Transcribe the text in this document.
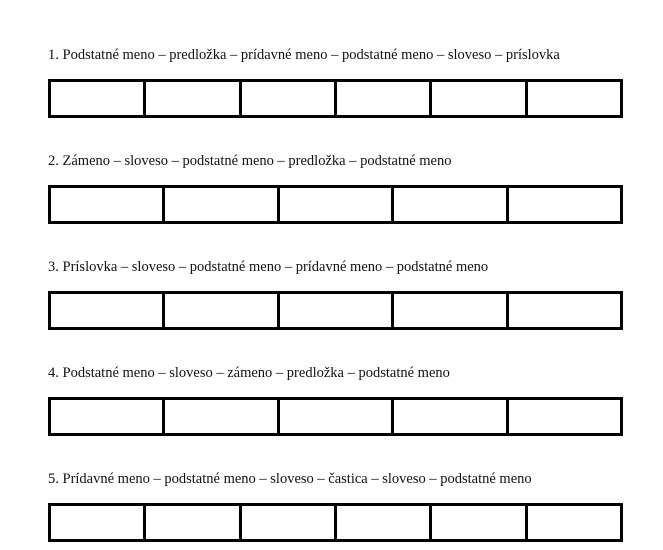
1. Podstatné meno – predložka – prídavné meno – podstatné meno – sloveso – príslovka

2. Zámeno – sloveso – podstatné meno – predložka – podstatné meno

3. Príslovka – sloveso – podstatné meno – prídavné meno – podstatné meno

4. Podstatné meno – sloveso – zámeno – predložka – podstatné meno

5. Prídavné meno – podstatné meno – sloveso – častica – sloveso – podstatné meno
